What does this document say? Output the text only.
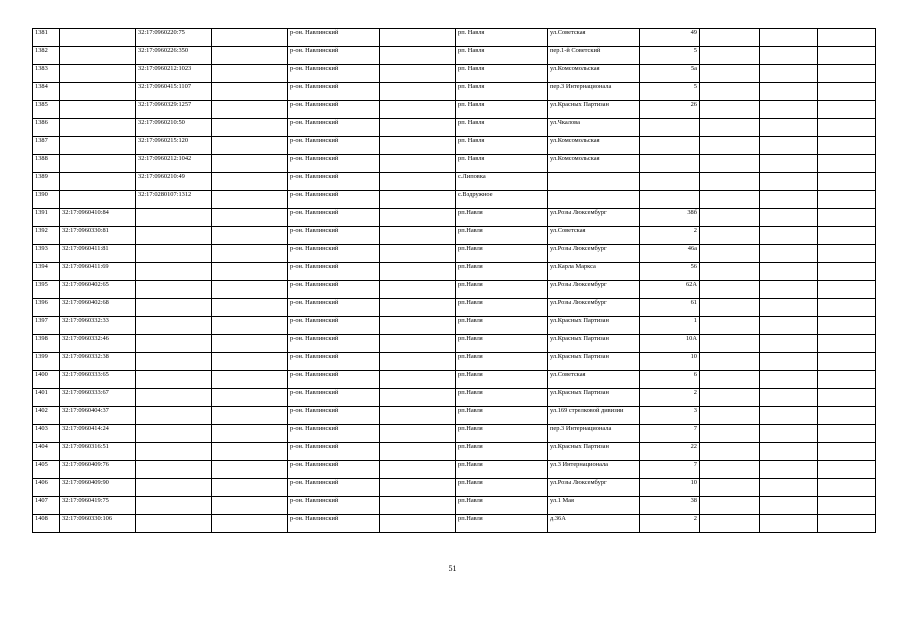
1381		32:17:0960220:75		р-он. Навлинский		рп. Навля	ул.Советская	49			
1382		32:17:0960226:350		р-он. Навлинский		рп. Навля	пер.1-й Советский	5			
1383		32:17:0960212:1023		р-он. Навлинский		рп. Навля	ул.Комсомольская	5а			
1384		32:17:0960415:1107		р-он. Навлинский		рп. Навля	пер.3 Интернационала	5			
1385		32:17:0960329:1257		р-он. Навлинский		рп. Навля	ул.Красных Партизан	26			
1386		32:17:0960210:50		р-он. Навлинский		рп. Навля	ул.Чкалова				
1387		32:17:0960215:120		р-он. Навлинский		рп. Навля	ул.Комсомольская				
1388		32:17:0960212:1042		р-он. Навлинский		рп. Навля	ул.Комсомольская				
1389		32:17:0960210:49		р-он. Навлинский		с.Липовка					
1390		32:17:0280107:1312		р-он. Навлинский		с.Вздружное					
1391	32:17:0960410:84			р-он. Навлинский		рп.Навля	ул.Розы Люксембург	38б			
1392	32:17:0960330:81			р-он. Навлинский		рп.Навля	ул.Советская	2			
1393	32:17:0960411:81			р-он. Навлинский		рп.Навля	ул.Розы Люксембург	46а			
1394	32:17:0960411:69			р-он. Навлинский		рп.Навля	ул.Карла Маркса	56			
1395	32:17:0960402:65			р-он. Навлинский		рп.Навля	ул.Розы Люксембург	62А			
1396	32:17:0960402:68			р-он. Навлинский		рп.Навля	ул.Розы Люксембург	61			
1397	32:17:0960332:33			р-он. Навлинский		рп.Навля	ул.Красных Партизан	1			
1398	32:17:0960332:46			р-он. Навлинский		рп.Навля	ул.Красных Партизан	10А			
1399	32:17:0960332:38			р-он. Навлинский		рп.Навля	ул.Красных Партизан	10			
1400	32:17:0960333:65			р-он. Навлинский		рп.Навля	ул.Советская	6			
1401	32:17:0960333:67			р-он. Навлинский		рп.Навля	ул.Красных Партизан	2			
1402	32:17:0960404:37			р-он. Навлинский		рп.Навля	ул.169 стрелковой дивизии	3			
1403	32:17:0960414:24			р-он. Навлинский		рп.Навля	пер.3 Интернационала	7			
1404	32:17:0960316:51			р-он. Навлинский		рп.Навля	ул.Красных Партизан	22			
1405	32:17:0960409:76			р-он. Навлинский		рп.Навля	ул.3 Интернационала	7			
1406	32:17:0960409:90			р-он. Навлинский		рп.Навля	ул.Розы Люксембург	10			
1407	32:17:0960419:75			р-он. Навлинский		рп.Навля	ул.1 Мая	38			
1408	32:17:0960330:106			р-он. Навлинский		рп.Навля	д.36А	2			
51
